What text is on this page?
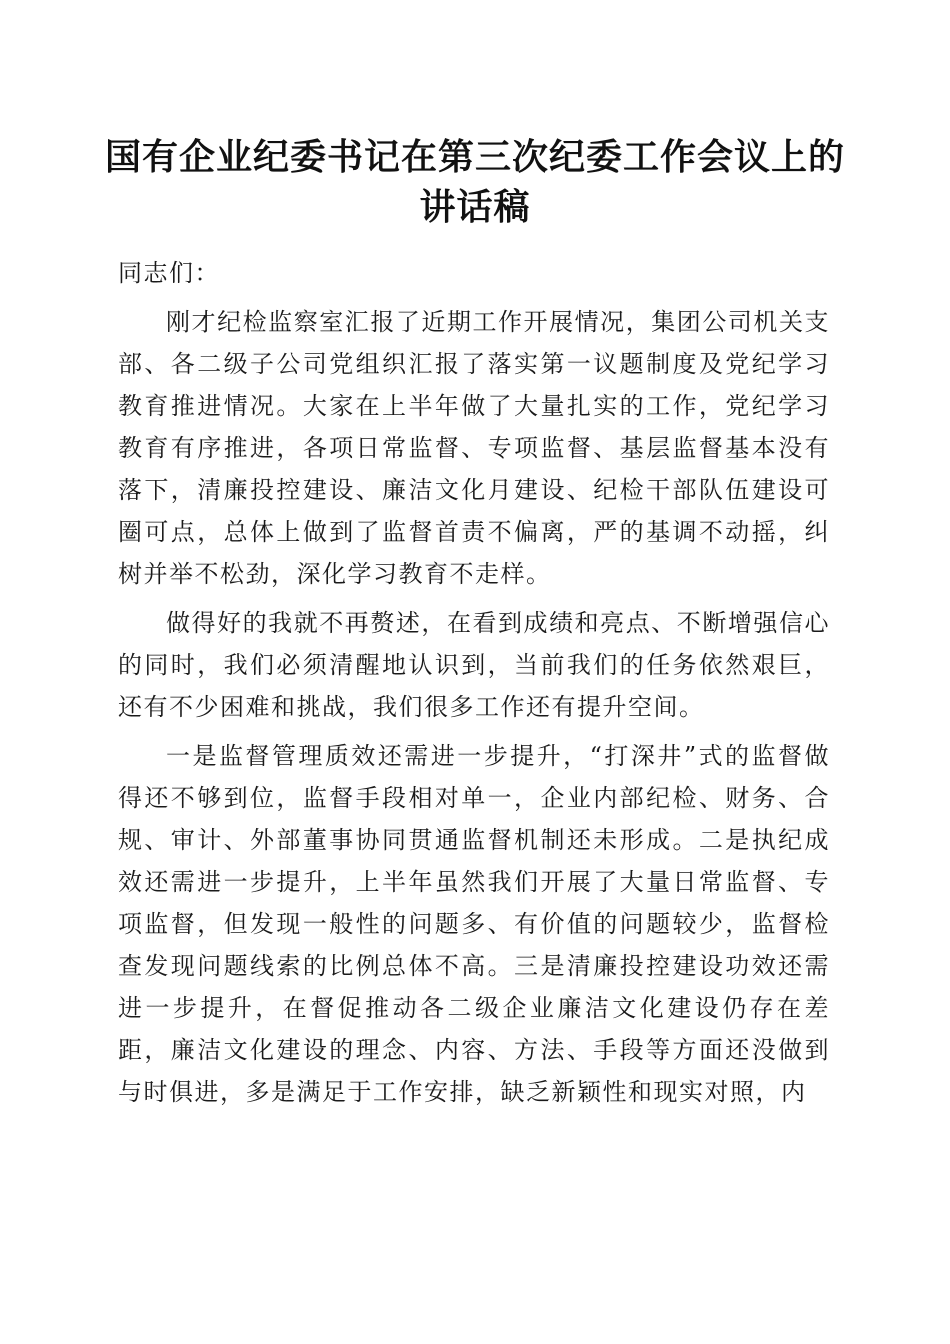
国有企业纪委书记在第三次纪委工作会议上的讲话稿

同志们：

刚才纪检监察室汇报了近期工作开展情况，集团公司机关支部、各二级子公司党组织汇报了落实第一议题制度及党纪学习教育推进情况。大家在上半年做了大量扎实的工作，党纪学习教育有序推进，各项日常监督、专项监督、基层监督基本没有落下，清廉投控建设、廉洁文化月建设、纪检干部队伍建设可圈可点，总体上做到了监督首责不偏离，严的基调不动摇，纠树并举不松劲，深化学习教育不走样。

做得好的我就不再赘述，在看到成绩和亮点、不断增强信心的同时，我们必须清醒地认识到，当前我们的任务依然艰巨，还有不少困难和挑战，我们很多工作还有提升空间。

一是监督管理质效还需进一步提升，“打深井”式的监督做得还不够到位，监督手段相对单一，企业内部纪检、财务、合规、审计、外部董事协同贯通监督机制还未形成。二是执纪成效还需进一步提升，上半年虽然我们开展了大量日常监督、专项监督，但发现一般性的问题多、有价值的问题较少，监督检查发现问题线索的比例总体不高。三是清廉投控建设功效还需进一步提升，在督促推动各二级企业廉洁文化建设仍存在差距，廉洁文化建设的理念、内容、方法、手段等方面还没做到与时俱进，多是满足于工作安排，缺乏新颖性和现实对照，内
